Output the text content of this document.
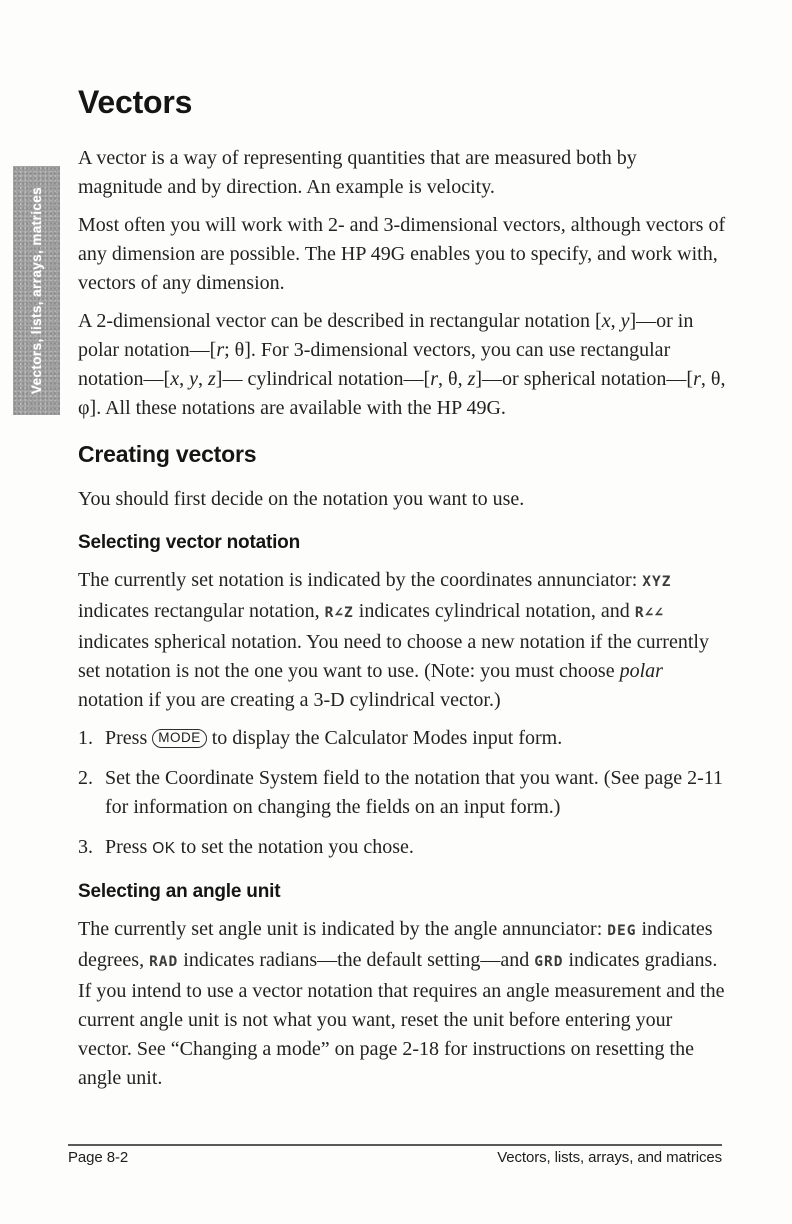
Vectors, lists, arrays, matrices
Vectors

A vector is a way of representing quantities that are measured both by magnitude and by direction. An example is velocity.

Most often you will work with 2- and 3-dimensional vectors, although vectors of any dimension are possible. The HP 49G enables you to specify, and work with, vectors of any dimension.

A 2-dimensional vector can be described in rectangular notation [x, y]—or in polar notation—[r; θ]. For 3-dimensional vectors, you can use rectangular notation—[x, y, z]— cylindrical notation—[r, θ, z]—or spherical notation—[r, θ, φ]. All these notations are available with the HP 49G.

Creating vectors

You should first decide on the notation you want to use.

Selecting vector notation

The currently set notation is indicated by the coordinates annunciator: XYZ indicates rectangular notation, R∠Z indicates cylindrical notation, and R∠∠ indicates spherical notation. You need to choose a new notation if the currently set notation is not the one you want to use. (Note: you must choose polar notation if you are creating a 3-D cylindrical vector.)

1. Press MODE to display the Calculator Modes input form.
2. Set the Coordinate System field to the notation that you want. (See page 2-11 for information on changing the fields on an input form.)
3. Press OK to set the notation you chose.
Selecting an angle unit

The currently set angle unit is indicated by the angle annunciator: DEG indicates degrees, RAD indicates radians—the default setting—and GRD indicates gradians. If you intend to use a vector notation that requires an angle measurement and the current angle unit is not what you want, reset the unit before entering your vector. See “Changing a mode” on page 2-18 for instructions on resetting the angle unit.

Page 8-2	Vectors, lists, arrays, and matrices
